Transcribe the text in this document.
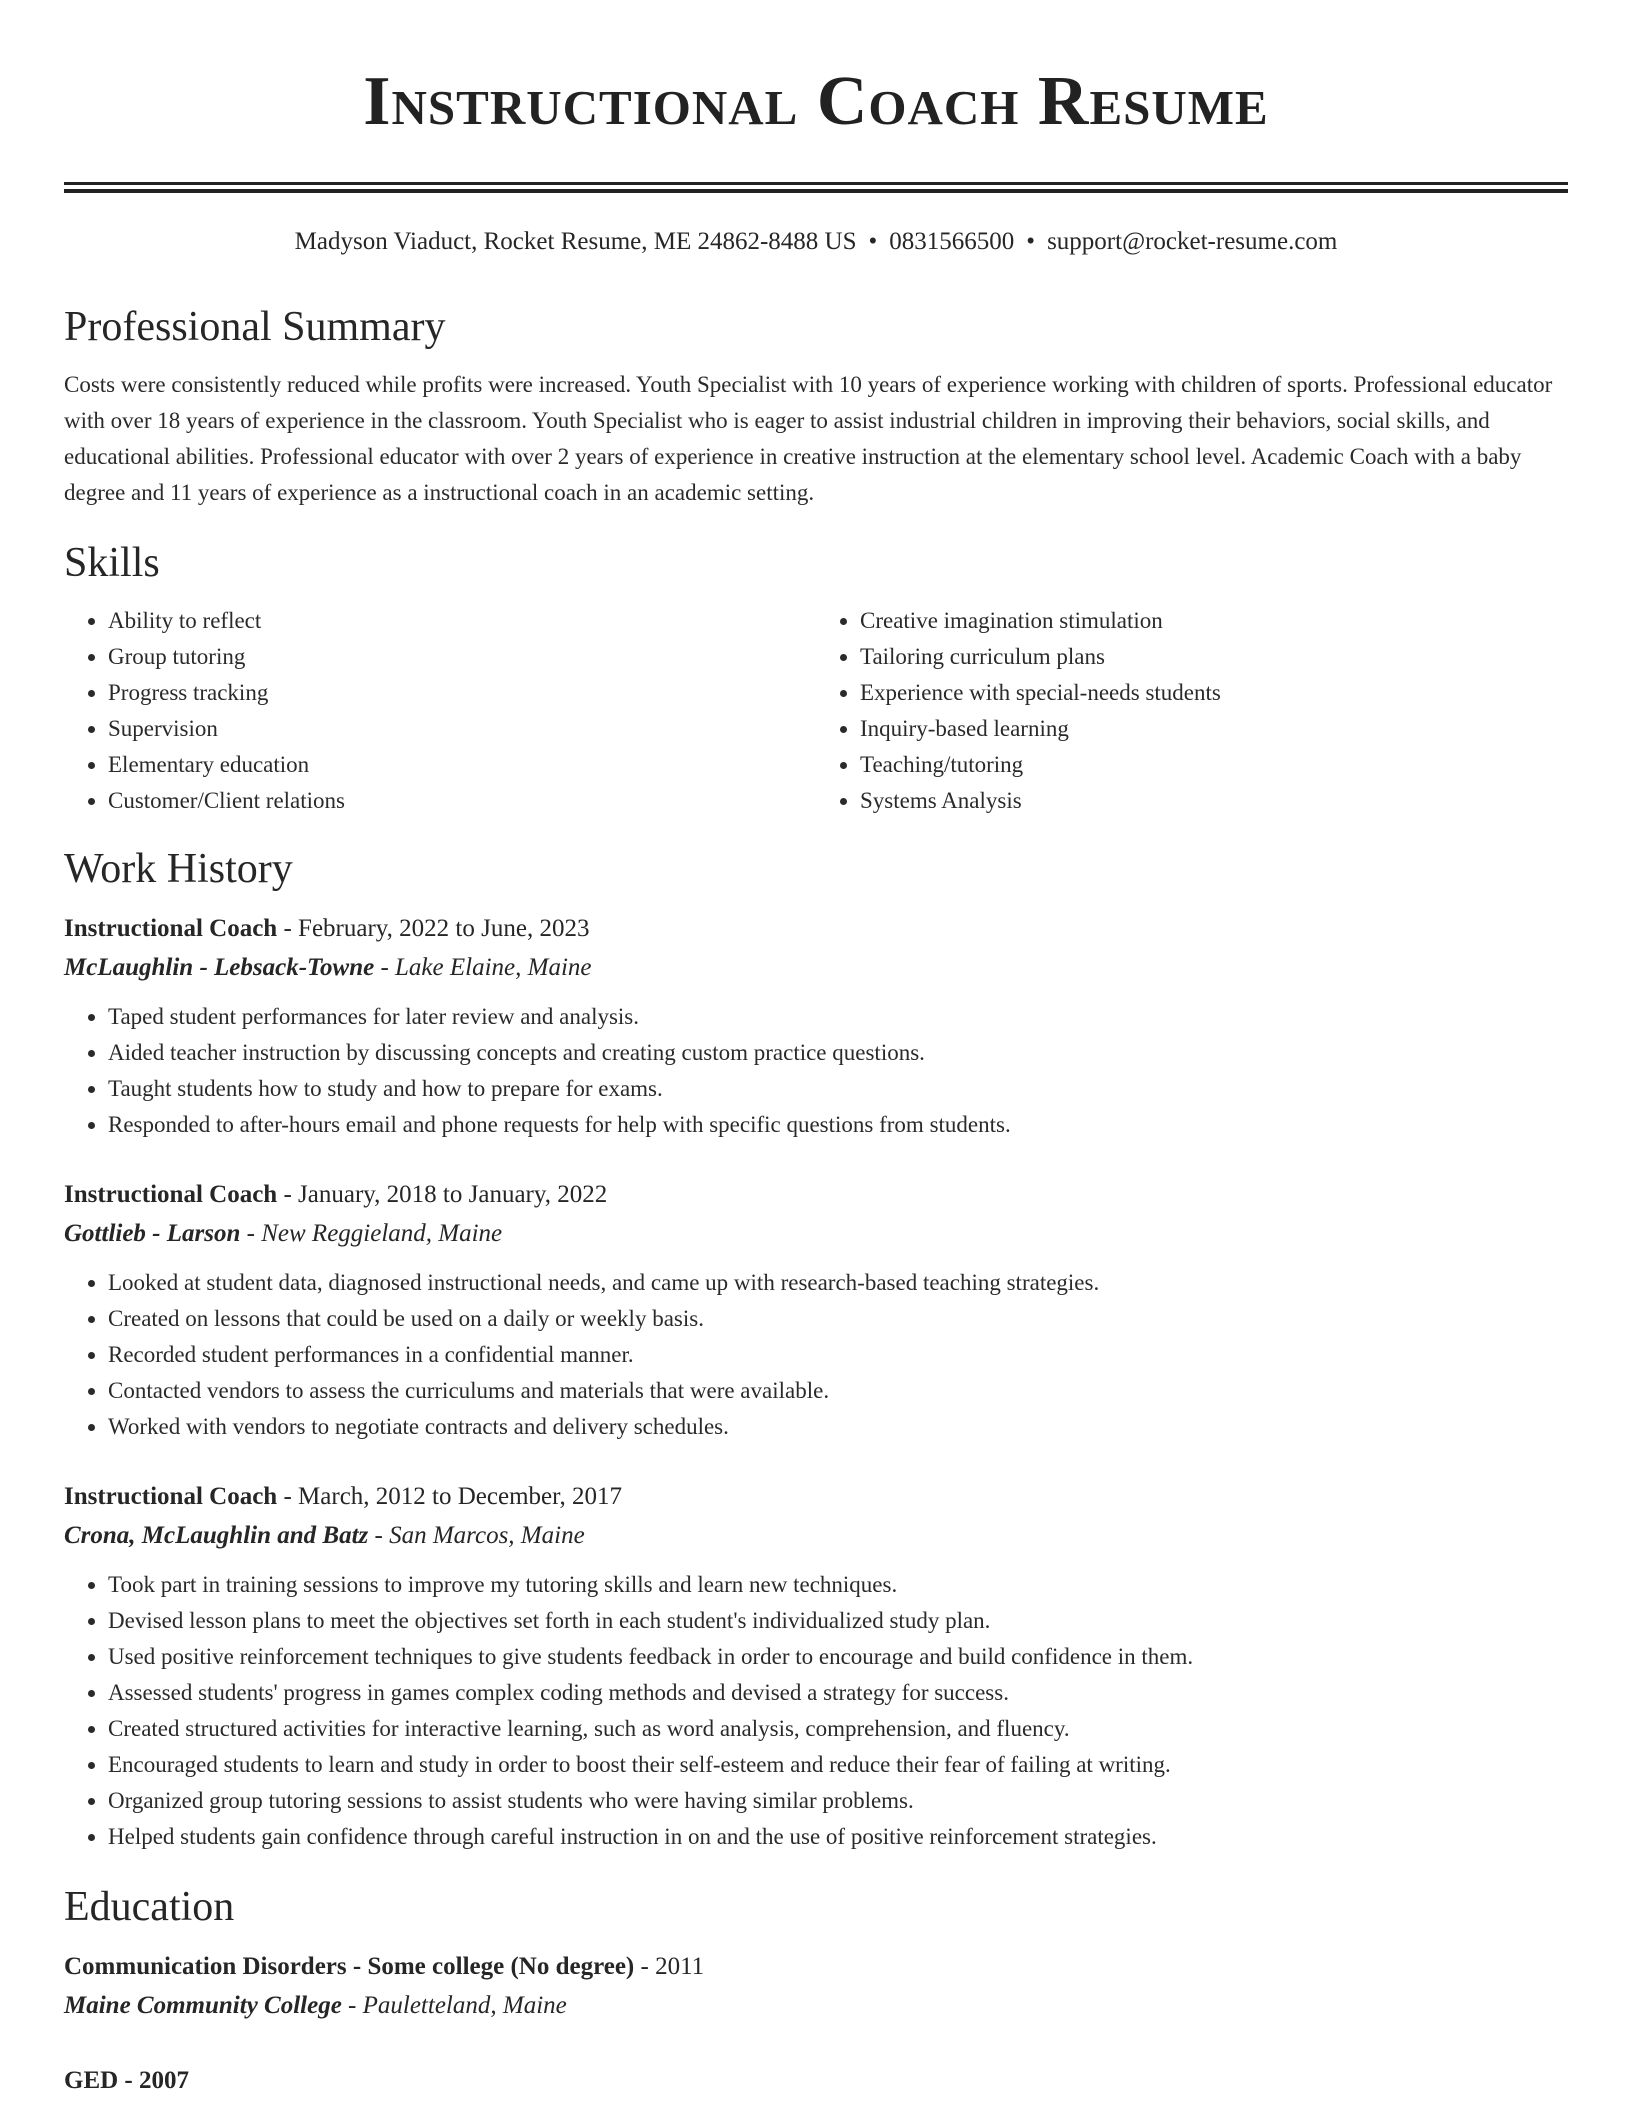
Instructional Coach Resume
Madyson Viaduct, Rocket Resume, ME 24862-8488 US • 0831566500 • support@rocket-resume.com
Professional Summary

Costs were consistently reduced while profits were increased. Youth Specialist with 10 years of experience working with children of sports. Professional educator with over 18 years of experience in the classroom. Youth Specialist who is eager to assist industrial children in improving their behaviors, social skills, and educational abilities. Professional educator with over 2 years of experience in creative instruction at the elementary school level. Academic Coach with a baby degree and 11 years of experience as a instructional coach in an academic setting.

Skills
• Ability to reflect
• Group tutoring
• Progress tracking
• Supervision
• Elementary education
• Customer/Client relations
• Creative imagination stimulation
• Tailoring curriculum plans
• Experience with special-needs students
• Inquiry-based learning
• Teaching/tutoring
• Systems Analysis
Work History
Instructional Coach - February, 2022 to June, 2023
McLaughlin - Lebsack-Towne - Lake Elaine, Maine
• Taped student performances for later review and analysis.
• Aided teacher instruction by discussing concepts and creating custom practice questions.
• Taught students how to study and how to prepare for exams.
• Responded to after-hours email and phone requests for help with specific questions from students.
Instructional Coach - January, 2018 to January, 2022
Gottlieb - Larson - New Reggieland, Maine
• Looked at student data, diagnosed instructional needs, and came up with research-based teaching strategies.
• Created on lessons that could be used on a daily or weekly basis.
• Recorded student performances in a confidential manner.
• Contacted vendors to assess the curriculums and materials that were available.
• Worked with vendors to negotiate contracts and delivery schedules.
Instructional Coach - March, 2012 to December, 2017
Crona, McLaughlin and Batz - San Marcos, Maine
• Took part in training sessions to improve my tutoring skills and learn new techniques.
• Devised lesson plans to meet the objectives set forth in each student's individualized study plan.
• Used positive reinforcement techniques to give students feedback in order to encourage and build confidence in them.
• Assessed students' progress in games complex coding methods and devised a strategy for success.
• Created structured activities for interactive learning, such as word analysis, comprehension, and fluency.
• Encouraged students to learn and study in order to boost their self-esteem and reduce their fear of failing at writing.
• Organized group tutoring sessions to assist students who were having similar problems.
• Helped students gain confidence through careful instruction in on and the use of positive reinforcement strategies.
Education
Communication Disorders - Some college (No degree) - 2011
Maine Community College - Pauletteland, Maine
GED - 2007
